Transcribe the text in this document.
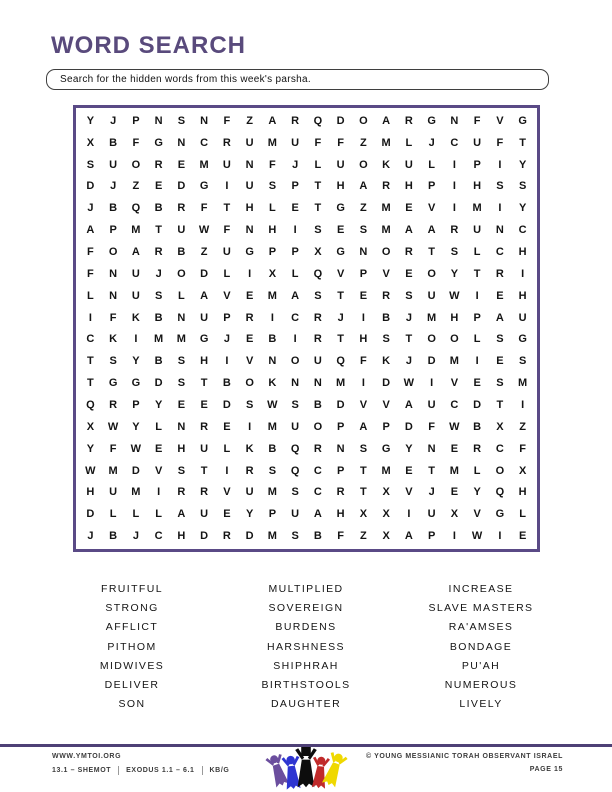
WORD SEARCH
Search for the hidden words from this week's parsha.
Y	J	P	N	S	N	F	Z	A	R	Q	D	O	A	R	G	N	F	V	G
X	B	F	G	N	C	R	U	M	U	F	F	Z	M	L	J	C	U	F	T
S	U	O	R	E	M	U	N	F	J	L	U	O	K	U	L	I	P	I	Y
D	J	Z	E	D	G	I	U	S	P	T	H	A	R	H	P	I	H	S	S
J	B	Q	B	R	F	T	H	L	E	T	G	Z	M	E	V	I	M	I	Y
A	P	M	T	U	W	F	N	H	I	S	E	S	M	A	A	R	U	N	C
F	O	A	R	B	Z	U	G	P	P	X	G	N	O	R	T	S	L	C	H
F	N	U	J	O	D	L	I	X	L	Q	V	P	V	E	O	Y	T	R	I
L	N	U	S	L	A	V	E	M	A	S	T	E	R	S	U	W	I	E	H
I	F	K	B	N	U	P	R	I	C	R	J	I	B	J	M	H	P	A	U
C	K	I	M	M	G	J	E	B	I	R	T	H	S	T	O	O	L	S	G
T	S	Y	B	S	H	I	V	N	O	U	Q	F	K	J	D	M	I	E	S
T	G	G	D	S	T	B	O	K	N	N	M	I	D	W	I	V	E	S	M
Q	R	P	Y	E	E	D	S	W	S	B	D	V	V	A	U	C	D	T	I
X	W	Y	L	N	R	E	I	M	U	O	P	A	P	D	F	W	B	X	Z
Y	F	W	E	H	U	L	K	B	Q	R	N	S	G	Y	N	E	R	C	F
W	M	D	V	S	T	I	R	S	Q	C	P	T	M	E	T	M	L	O	X
H	U	M	I	R	R	V	U	M	S	C	R	T	X	V	J	E	Y	Q	H
D	L	L	L	A	U	E	Y	P	U	A	H	X	X	I	U	X	V	G	L
J	B	J	C	H	D	R	D	M	S	B	F	Z	X	A	P	I	W	I	E
FRUITFUL
STRONG
AFFLICT
PITHOM
MIDWIVES
DELIVER
SON
MULTIPLIED
SOVEREIGN
BURDENS
HARSHNESS
SHIPHRAH
BIRTHSTOOLS
DAUGHTER
INCREASE
SLAVE MASTERS
RA'AMSES
BONDAGE
PU'AH
NUMEROUS
LIVELY
WWW.YMTOI.ORG
13.1 – SHEMOT EXODUS 1.1 – 6.1 KB/G
© YOUNG MESSIANIC TORAH OBSERVANT ISRAEL
PAGE 15
